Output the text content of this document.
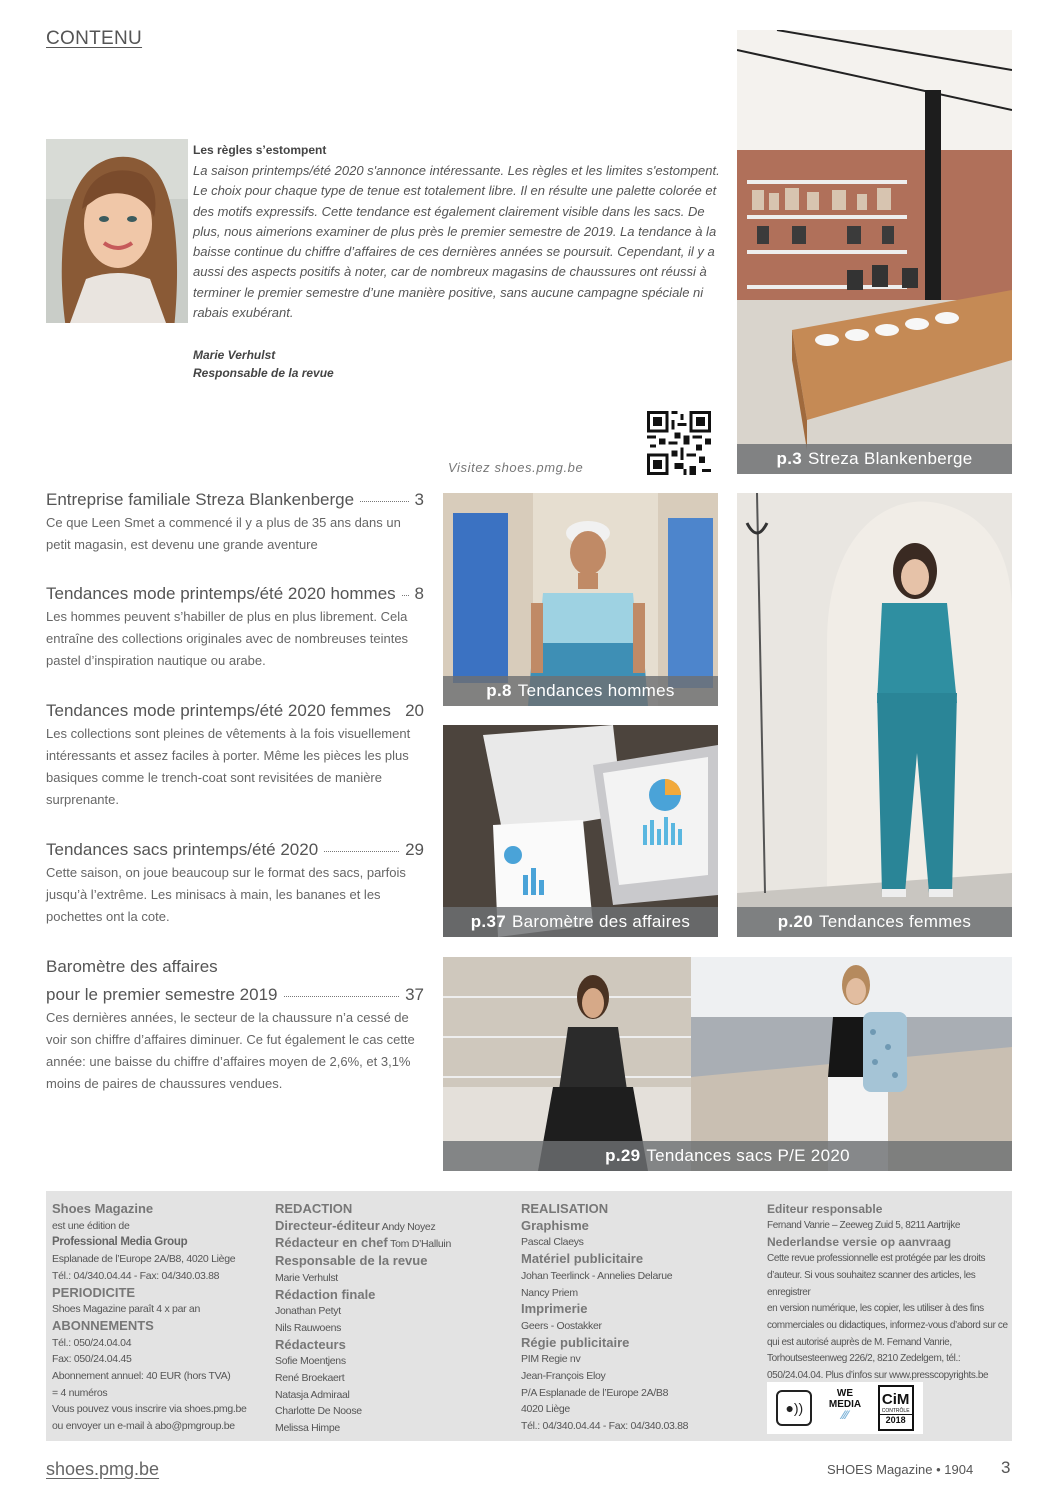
CONTENU
Les règles s’estompent
La saison printemps/été 2020 s'annonce intéressante. Les règles et les limites s'estompent. Le choix pour chaque type de tenue est totalement libre. Il en résulte une palette colorée et des motifs expressifs. Cette tendance est également clairement visible dans les sacs. De plus, nous aimerions examiner de plus près le premier semestre de 2019. La tendance à la baisse continue du chiffre d’affaires de ces dernières années se poursuit. Cependant, il y a aussi des aspects positifs à noter, car de nombreux magasins de chaussures ont réussi à terminer le premier semestre d’une manière positive, sans aucune campagne spéciale ni rabais exubérant.
Marie Verhulst
Responsable de la revue
Visitez shoes.pmg.be	p.3 Streza Blankenberge
p.8 Tendances hommes
p.37 Baromètre des affaires	p.20 Tendances femmes
p.29 Tendances sacs P/E 2020
Entreprise familiale Streza Blankenberge	3
Ce que Leen Smet a commencé il y a plus de 35 ans dans un petit magasin, est devenu une grande aventure
Tendances mode printemps/été 2020 hommes 8
Les hommes peuvent s’habiller de plus en plus librement. Cela entraîne des collections originales avec de nombreuses teintes pastel d’inspiration nautique ou arabe.
Tendances mode printemps/été 2020 femmes 20
Les collections sont pleines de vêtements à la fois visuellement intéressants et assez faciles à porter. Même les pièces les plus basiques comme le trench-coat sont revisitées de manière surprenante.
Tendances sacs printemps/été 2020	29
Cette saison, on joue beaucoup sur le format des sacs, parfois jusqu’à l’extrême. Les minisacs à main, les bananes et les pochettes ont la cote.
Baromètre des affaires
pour le premier semestre 2019	37
Ces dernières années, le secteur de la chaussure n’a cessé de voir son chiffre d’affaires diminuer. Ce fut également le cas cette année: une baisse du chiffre d’affaires moyen de 2,6%, et 3,1% moins de paires de chaussures vendues.
Shoes Magazine
est une édition de
Professional Media Group
Esplanade de l’Europe 2A/B8, 4020 Liège
Tél.: 04/340.04.44 - Fax: 04/340.03.88
PERIODICITE
Shoes Magazine paraît 4 x par an
ABONNEMENTS
Tél.: 050/24.04.04
Fax: 050/24.04.45
Abonnement annuel: 40 EUR (hors TVA)
= 4 numéros
Vous pouvez vous inscrire via shoes.pmg.be
ou envoyer un e-mail à abo@pmgroup.be
REDACTION
Directeur-éditeur Andy Noyez
Rédacteur en chef Tom D’Halluin
Responsable de la revue
Marie Verhulst
Rédaction finale
Jonathan Petyt
Nils Rauwoens
Rédacteurs
Sofie Moentjens
René Broekaert
Natasja Admiraal
Charlotte De Noose
Melissa Himpe
REALISATION
Graphisme
Pascal Claeys
Matériel publicitaire
Johan Teerlinck - Annelies Delarue
Nancy Priem
Imprimerie
Geers - Oostakker
Régie publicitaire
PIM Regie nv
Jean-François Eloy
P/A Esplanade de l’Europe 2A/B8
4020 Liège
Tél.: 04/340.04.44 - Fax: 04/340.03.88
Editeur responsable
Fernand Vanrie – Zeeweg Zuid 5, 8211 Aartrijke
Nederlandse versie op aanvraag
Cette revue professionnelle est protégée par les droits
d’auteur. Si vous souhaitez scanner des articles, les enregistrer
en version numérique, les copier, les utiliser à des fins
commerciales ou didactiques, informez-vous d’abord sur ce
qui est autorisé auprès de M. Fernand Vanrie,
Torhoutsesteenweg 226/2, 8210 Zedelgem, tél.:
050/24.04.04. Plus d’infos sur www.presscopyrights.be
●))
WE
MEDIA
⁄⁄⁄
CiM
CONTRÔLE
2018
shoes.pmg.be	SHOES Magazine • 1904 3
